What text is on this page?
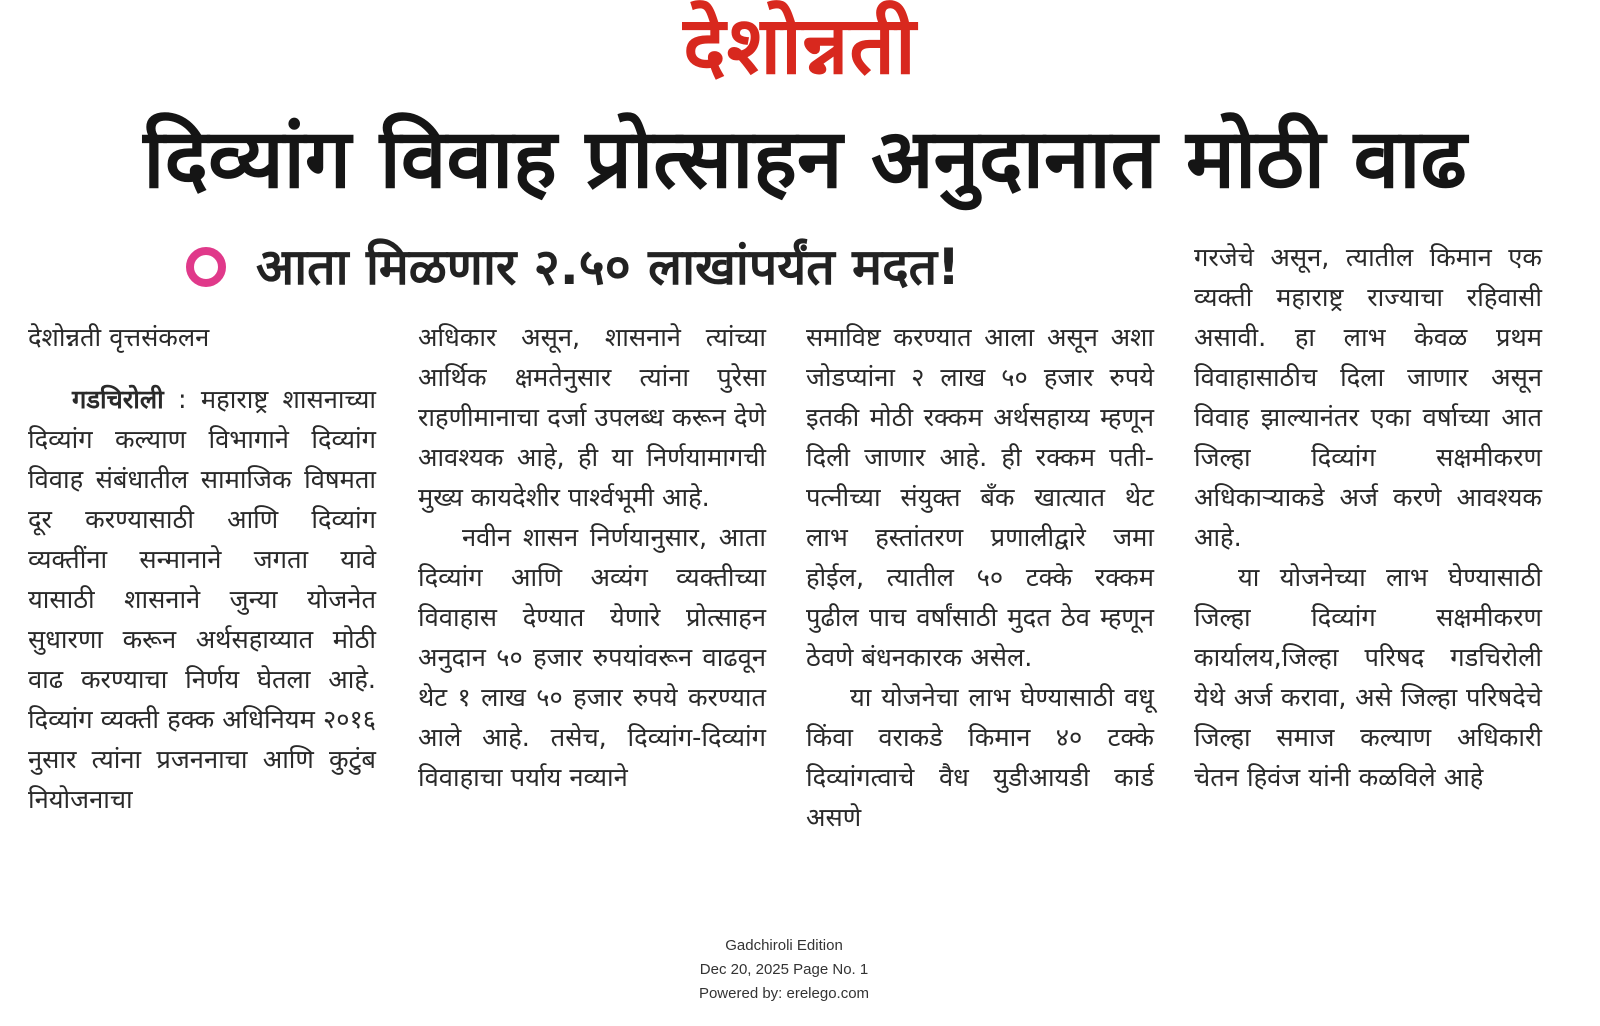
देशोन्नती
दिव्यांग विवाह प्रोत्साहन अनुदानात मोठी वाढ
आता मिळणार २.५० लाखांपर्यंत मदत!

देशोन्नती वृत्तसंकलन

गडचिरोली : महाराष्ट्र शासनाच्या दिव्यांग कल्याण विभागाने दिव्यांग विवाह संबंधातील सामाजिक विषमता दूर करण्यासाठी आणि दिव्यांग व्यक्तींना सन्मानाने जगता यावे यासाठी शासनाने जुन्या योजनेत सुधारणा करून अर्थसहाय्यात मोठी वाढ करण्याचा निर्णय घेतला आहे. दिव्यांग व्यक्ती हक्क अधिनियम २०१६ नुसार त्यांना प्रजननाचा आणि कुटुंब नियोजनाचा

अधिकार असून, शासनाने त्यांच्या आर्थिक क्षमतेनुसार त्यांना पुरेसा राहणीमानाचा दर्जा उपलब्ध करून देणे आवश्यक आहे, ही या निर्णयामागची मुख्य कायदेशीर पार्श्वभूमी आहे.

नवीन शासन निर्णयानुसार, आता दिव्यांग आणि अव्यंग व्यक्तीच्या विवाहास देण्यात येणारे प्रोत्साहन अनुदान ५० हजार रुपयांवरून वाढवून थेट १ लाख ५० हजार रुपये करण्यात आले आहे. तसेच, दिव्यांग-दिव्यांग विवाहाचा पर्याय नव्याने

समाविष्ट करण्यात आला असून अशा जोडप्यांना २ लाख ५० हजार रुपये इतकी मोठी रक्कम अर्थसहाय्य म्हणून दिली जाणार आहे. ही रक्कम पती-पत्नीच्या संयुक्त बँक खात्यात थेट लाभ हस्तांतरण प्रणालीद्वारे जमा होईल, त्यातील ५० टक्के रक्कम पुढील पाच वर्षांसाठी मुदत ठेव म्हणून ठेवणे बंधनकारक असेल.

या योजनेचा लाभ घेण्यासाठी वधू किंवा वराकडे किमान ४० टक्के दिव्यांगत्वाचे वैध युडीआयडी कार्ड असणे

गरजेचे असून, त्यातील किमान एक व्यक्ती महाराष्ट्र राज्याचा रहिवासी असावी. हा लाभ केवळ प्रथम विवाहासाठीच दिला जाणार असून विवाह झाल्यानंतर एका वर्षाच्या आत जिल्हा दिव्यांग सक्षमीकरण अधिकाऱ्याकडे अर्ज करणे आवश्यक आहे.

या योजनेच्या लाभ घेण्यासाठी जिल्हा दिव्यांग सक्षमीकरण कार्यालय,जिल्हा परिषद गडचिरोली येथे अर्ज करावा, असे जिल्हा परिषदेचे जिल्हा समाज कल्याण अधिकारी चेतन हिवंज यांनी कळविले आहे

Gadchiroli Edition
Dec 20, 2025 Page No. 1
Powered by: erelego.com
